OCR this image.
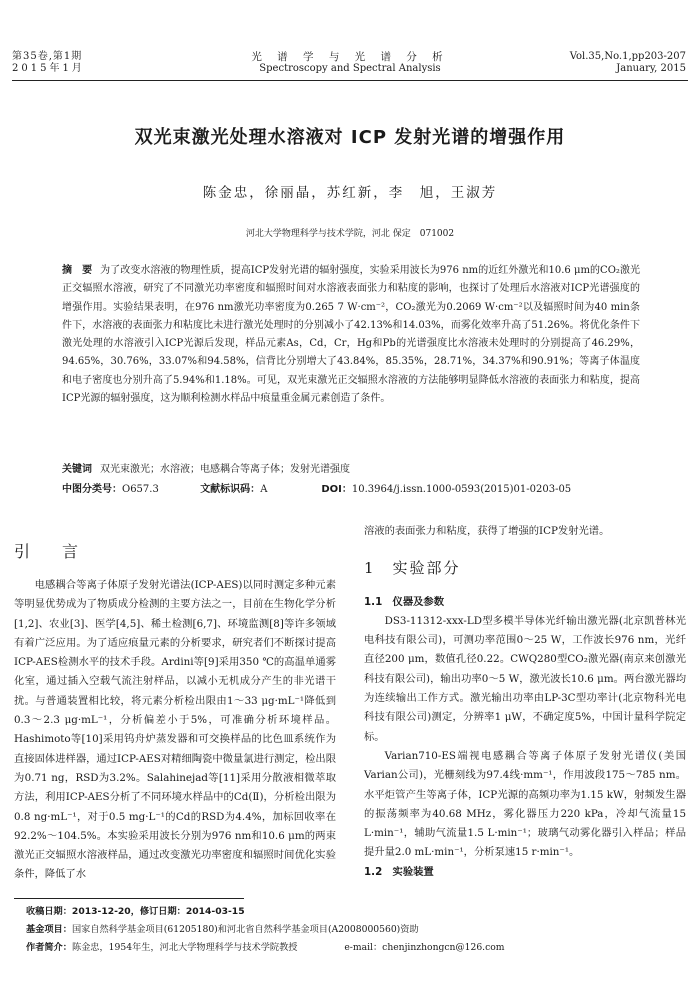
第35卷,第1期
2015年1月
光 谱 学 与 光 谱 分 析
Spectroscopy and Spectral Analysis
Vol.35,No.1,pp203-207
January, 2015
双光束激光处理水溶液对 ICP 发射光谱的增强作用
陈金忠，徐丽晶，苏红新，李　旭，王淑芳
河北大学物理科学与技术学院，河北 保定　071002
摘　要 为了改变水溶液的物理性质，提高ICP发射光谱的辐射强度，实验采用波长为976 nm的近红外激光和10.6 μm的CO₂激光正交辐照水溶液，研究了不同激光功率密度和辐照时间对水溶液表面张力和粘度的影响，也探讨了处理后水溶液对ICP光谱强度的增强作用。实验结果表明，在976 nm激光功率密度为0.265 7 W·cm⁻²，CO₂激光为0.2069 W·cm⁻²以及辐照时间为40 min条件下，水溶液的表面张力和粘度比未进行激光处理时的分别减小了42.13%和14.03%，而雾化效率升高了51.26%。将优化条件下激光处理的水溶液引入ICP光源后发现，样品元素As，Cd，Cr，Hg和Pb的光谱强度比水溶液未处理时的分别提高了46.29%，94.65%，30.76%，33.07%和94.58%，信背比分别增大了43.84%，85.35%，28.71%，34.37%和90.91%；等离子体温度和电子密度也分别升高了5.94%和1.18%。可见，双光束激光正交辐照水溶液的方法能够明显降低水溶液的表面张力和粘度，提高ICP光源的辐射强度，这为顺利检测水样品中痕量重金属元素创造了条件。
关键词 双光束激光；水溶液；电感耦合等离子体；发射光谱强度
中图分类号：O657.3	文献标识码：A	DOI：10.3964/j.issn.1000-0593(2015)01-0203-05
引　言

电感耦合等离子体原子发射光谱法(ICP-AES)以同时测定多种元素等明显优势成为了物质成分检测的主要方法之一，目前在生物化学分析[1,2]、农业[3]、医学[4,5]、稀土检测[6,7]、环境监测[8]等许多领域有着广泛应用。为了适应痕量元素的分析要求，研究者们不断探讨提高ICP-AES检测水平的技术手段。Ardini等[9]采用350 ℃的高温单通雾化室，通过插入空载气流注射样品，以减小无机成分产生的非光谱干扰。与普通装置相比较，将元素分析检出限由1～33 μg·mL⁻¹降低到0.3～2.3 μg·mL⁻¹，分析偏差小于5%，可准确分析环境样品。Hashimoto等[10]采用钨舟炉蒸发器和可交换样品的比色皿系统作为直接固体进样器，通过ICP-AES对精细陶瓷中微量氯进行测定，检出限为0.71 ng，RSD为3.2%。Salahinejad等[11]采用分散液相微萃取方法，利用ICP-AES分析了不同环境水样品中的Cd(Ⅱ)，分析检出限为0.8 ng·mL⁻¹，对于0.5 mg·L⁻¹的Cd的RSD为4.4%，加标回收率在92.2%～104.5%。本实验采用波长分别为976 nm和10.6 μm的两束激光正交辐照水溶液样品，通过改变激光功率密度和辐照时间优化实验条件，降低了水

溶液的表面张力和粘度，获得了增强的ICP发射光谱。

1　实验部分
1.1　仪器及参数

DS3-11312-xxx-LD型多模半导体光纤输出激光器(北京凯普林光电科技有限公司)，可测功率范围0～25 W，工作波长976 nm，光纤直径200 μm，数值孔径0.22。CWQ280型CO₂激光器(南京来创激光科技有限公司)，输出功率0～5 W，激光波长10.6 μm。两台激光器均为连续输出工作方式。激光输出功率由LP-3C型功率计(北京物科光电科技有限公司)测定，分辨率1 μW，不确定度5%，中国计量科学院定标。

Varian710-ES端视电感耦合等离子体原子发射光谱仪(美国Varian公司)，光栅刻线为97.4线·mm⁻¹，作用波段175～785 nm。水平炬管产生等离子体，ICP光源的高频功率为1.15 kW，射频发生器的振荡频率为40.68 MHz，雾化器压力220 kPa，冷却气流量15 L·min⁻¹，辅助气流量1.5 L·min⁻¹；玻璃气动雾化器引入样品；样品提升量2.0 mL·min⁻¹，分析泵速15 r·min⁻¹。

1.2　实验装置
收稿日期：2013-12-20，修订日期：2014-03-15
基金项目：国家自然科学基金项目(61205180)和河北省自然科学基金项目(A2008000560)资助
作者简介：陈金忠，1954年生，河北大学物理科学与技术学院教授	e-mail：chenjinzhongcn@126.com
